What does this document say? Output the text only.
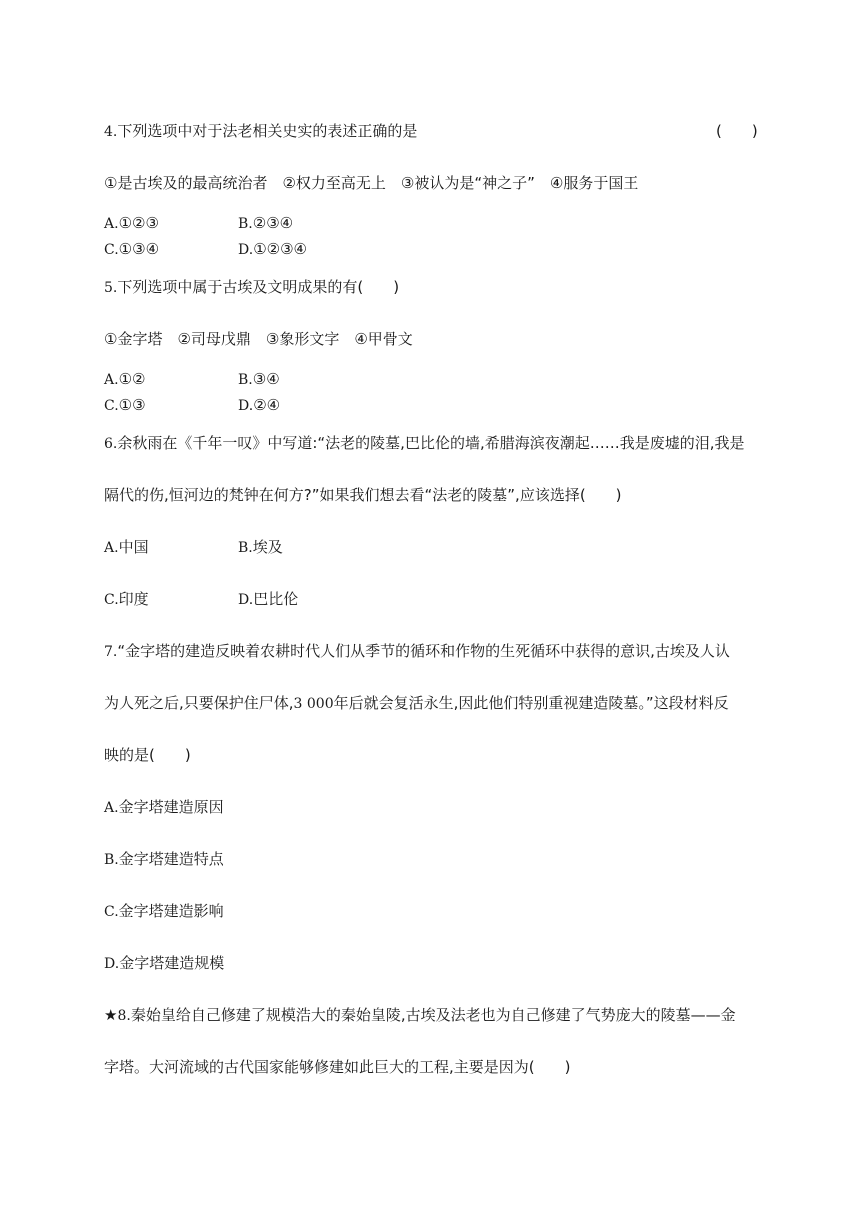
4.下列选项中对于法老相关史实的表述正确的是	(　　)
①是古埃及的最高统治者　②权力至高无上　③被认为是“神之子”　④服务于国王
A.①②③	B.②③④
C.①③④	D.①②③④
5.下列选项中属于古埃及文明成果的有(　　)
①金字塔　②司母戊鼎　③象形文字　④甲骨文
A.①②	B.③④
C.①③	D.②④
6.余秋雨在《千年一叹》中写道:“法老的陵墓,巴比伦的墙,希腊海滨夜潮起……我是废墟的泪,我是
隔代的伤,恒河边的梵钟在何方?”如果我们想去看“法老的陵墓”,应该选择(　　)
A.中国	B.埃及
C.印度	D.巴比伦
7.“金字塔的建造反映着农耕时代人们从季节的循环和作物的生死循环中获得的意识,古埃及人认
为人死之后,只要保护住尸体,3 000年后就会复活永生,因此他们特别重视建造陵墓。”这段材料反
映的是(　　)
A.金字塔建造原因
B.金字塔建造特点
C.金字塔建造影响
D.金字塔建造规模
★8.秦始皇给自己修建了规模浩大的秦始皇陵,古埃及法老也为自己修建了气势庞大的陵墓——金
字塔。大河流域的古代国家能够修建如此巨大的工程,主要是因为(　　)
